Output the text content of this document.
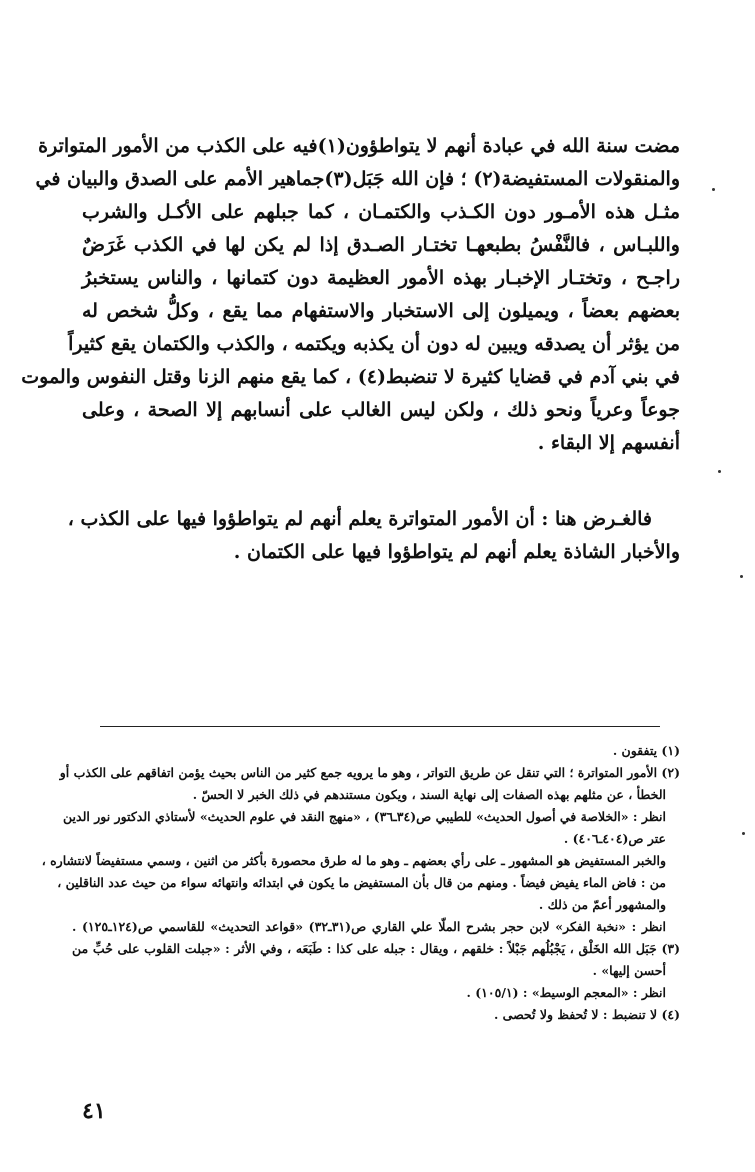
مضت سنة الله في عبادة أنهم لا يتواطؤون(١)فيه على الكذب من الأمور المتواترة
والمنقولات المستفيضة(٢) ؛ فإن الله جَبَل(٣)جماهير الأمم على الصدق والبيان في
مثـل هذه الأمـور دون الكـذب والكتمـان ، كما جبلهم على الأكـل والشرب
واللبـاس ، فالنَّفْسُ بطبعهـا تختـار الصـدق إذا لم يكن لها في الكذب غَرَضٌ
راجـح ، وتختـار الإخبـار بهذه الأمور العظيمة دون كتمانها ، والناس يستخبرُ
بعضهم بعضاً ، ويميلون إلى الاستخبار والاستفهام مما يقع ، وكلُّ شخص له
من يؤثر أن يصدقه ويبين له دون أن يكذبه ويكتمه ، والكذب والكتمان يقع كثيراً
في بني آدم في قضايا كثيرة لا تنضبط(٤) ، كما يقع منهم الزنا وقتل النفوس والموت
جوعاً وعرياً ونحو ذلك ، ولكن ليس الغالب على أنسابهم إلا الصحة ، وعلى
أنفسهم إلا البقاء .
فالغـرض هنا : أن الأمور المتواترة يعلم أنهم لم يتواطؤوا فيها على الكذب ،
والأخبار الشاذة يعلم أنهم لم يتواطؤوا فيها على الكتمان .
(١) يتفقون .
(٢) الأمور المتواترة ؛ التي تنقل عن طريق التواتر ، وهو ما يرويه جمع كثير من الناس بحيث يؤمن اتفاقهم على الكذب أو
الخطأ ، عن مثلهم بهذه الصفات إلى نهاية السند ، ويكون مستندهم في ذلك الخبر لا الحسّ .
انظر : «الخلاصة في أصول الحديث» للطيبي ص(٣٤ـ٣٦) ، «منهج النقد في علوم الحديث» لأستاذي الدكتور نور الدين
عتر ص(٤٠٤ـ٤٠٦) .
والخبر المستفيض هو المشهور ـ على رأي بعضهم ـ وهو ما له طرق محصورة بأكثر من اثنين ، وسمي مستفيضاً لانتشاره ،
من : فاض الماء يفيض فيضاً . ومنهم من قال بأن المستفيض ما يكون في ابتدائه وانتهائه سواء من حيث عدد الناقلين ،
والمشهور أعمّ من ذلك .
انظر : «نخبة الفكر» لابن حجر بشرح الملّا علي القاري ص(٣١ـ٣٢) «قواعد التحديث» للقاسمي ص(١٢٤ـ١٢٥) .
(٣) جَبَل الله الخَلْق ، يَجْبُلُهم جَبْلاً : خلقهم ، ويقال : جبله على كذا : طَبَعَه ، وفي الأثر : «جبلت القلوب على حُبِّ من
أحسن إليها» .
انظر : «المعجم الوسيط» : (١٠٥/١) .
(٤) لا تنضبط : لا تُحفظ ولا تُحصى .
٤١
